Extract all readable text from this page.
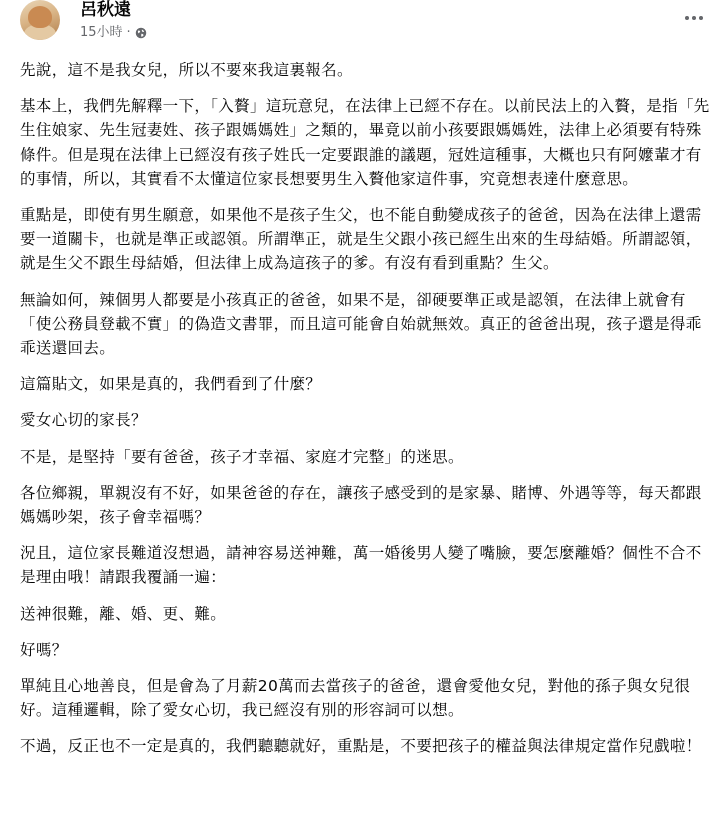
呂秋遠
15小時 ·

先說，這不是我女兒，所以不要來我這裏報名。

基本上，我們先解釋一下，「入贅」這玩意兒，在法律上已經不存在。以前民法上的入贅，是指「先生住娘家、先生冠妻姓、孩子跟媽媽姓」之類的，畢竟以前小孩要跟媽媽姓，法律上必須要有特殊條件。但是現在法律上已經沒有孩子姓氏一定要跟誰的議題，冠姓這種事，大概也只有阿嬤輩才有的事情，所以，其實看不太懂這位家長想要男生入贅他家這件事，究竟想表達什麼意思。

重點是，即使有男生願意，如果他不是孩子生父，也不能自動變成孩子的爸爸，因為在法律上還需要一道關卡，也就是準正或認領。所謂準正，就是生父跟小孩已經生出來的生母結婚。所謂認領，就是生父不跟生母結婚，但法律上成為這孩子的爹。有沒有看到重點？生父。

無論如何，辣個男人都要是小孩真正的爸爸，如果不是，卻硬要準正或是認領，在法律上就會有「使公務員登載不實」的偽造文書罪，而且這可能會自始就無效。真正的爸爸出現，孩子還是得乖乖送還回去。

這篇貼文，如果是真的，我們看到了什麼？

愛女心切的家長？

不是，是堅持「要有爸爸，孩子才幸福、家庭才完整」的迷思。

各位鄉親，單親沒有不好，如果爸爸的存在，讓孩子感受到的是家暴、賭博、外遇等等，每天都跟媽媽吵架，孩子會幸福嗎？

況且，這位家長難道沒想過，請神容易送神難，萬一婚後男人變了嘴臉，要怎麼離婚？個性不合不是理由哦！請跟我覆誦一遍：

送神很難，離、婚、更、難。

好嗎？

單純且心地善良，但是會為了月薪20萬而去當孩子的爸爸，還會愛他女兒，對他的孫子與女兒很好。這種邏輯，除了愛女心切，我已經沒有別的形容詞可以想。

不過，反正也不一定是真的，我們聽聽就好，重點是，不要把孩子的權益與法律規定當作兒戲啦！
